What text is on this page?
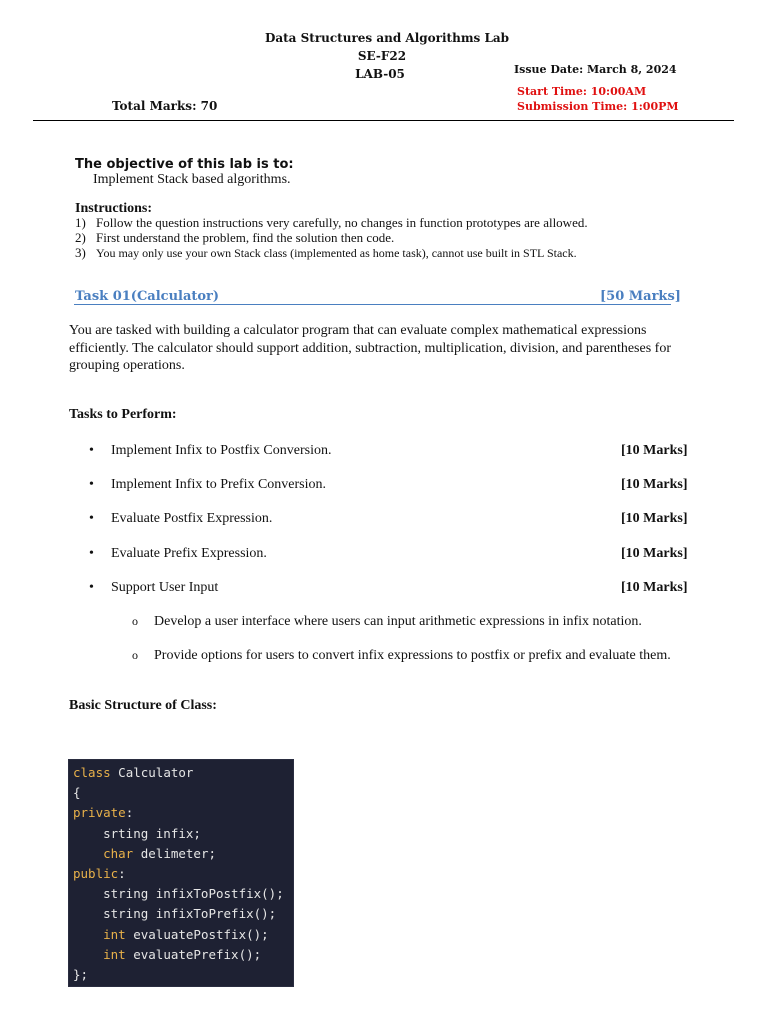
Data Structures and Algorithms Lab
SE-F22
LAB-05	Issue Date: March 8, 2024
Start Time: 10:00AM
Submission Time: 1:00PM
Total Marks: 70
The objective of this lab is to:
Implement Stack based algorithms.
Instructions:
1) Follow the question instructions very carefully, no changes in function prototypes are allowed.
2) First understand the problem, find the solution then code.
3) You may only use your own Stack class (implemented as home task), cannot use built in STL Stack.
Task 01(Calculator)	[50 Marks]
You are tasked with building a calculator program that can evaluate complex mathematical expressions efficiently. The calculator should support addition, subtraction, multiplication, division, and parentheses for grouping operations.
Tasks to Perform:
• Implement Infix to Postfix Conversion.	[10 Marks]
• Implement Infix to Prefix Conversion.	[10 Marks]
• Evaluate Postfix Expression.	[10 Marks]
• Evaluate Prefix Expression.	[10 Marks]
• Support User Input	[10 Marks]
o Develop a user interface where users can input arithmetic expressions in infix notation.
o Provide options for users to convert infix expressions to postfix or prefix and evaluate them.
Basic Structure of Class:
class Calculator
{
private:
srting infix;
char delimeter;
public:
string infixToPostfix();
string infixToPrefix();
int evaluatePostfix();
int evaluatePrefix();
};
